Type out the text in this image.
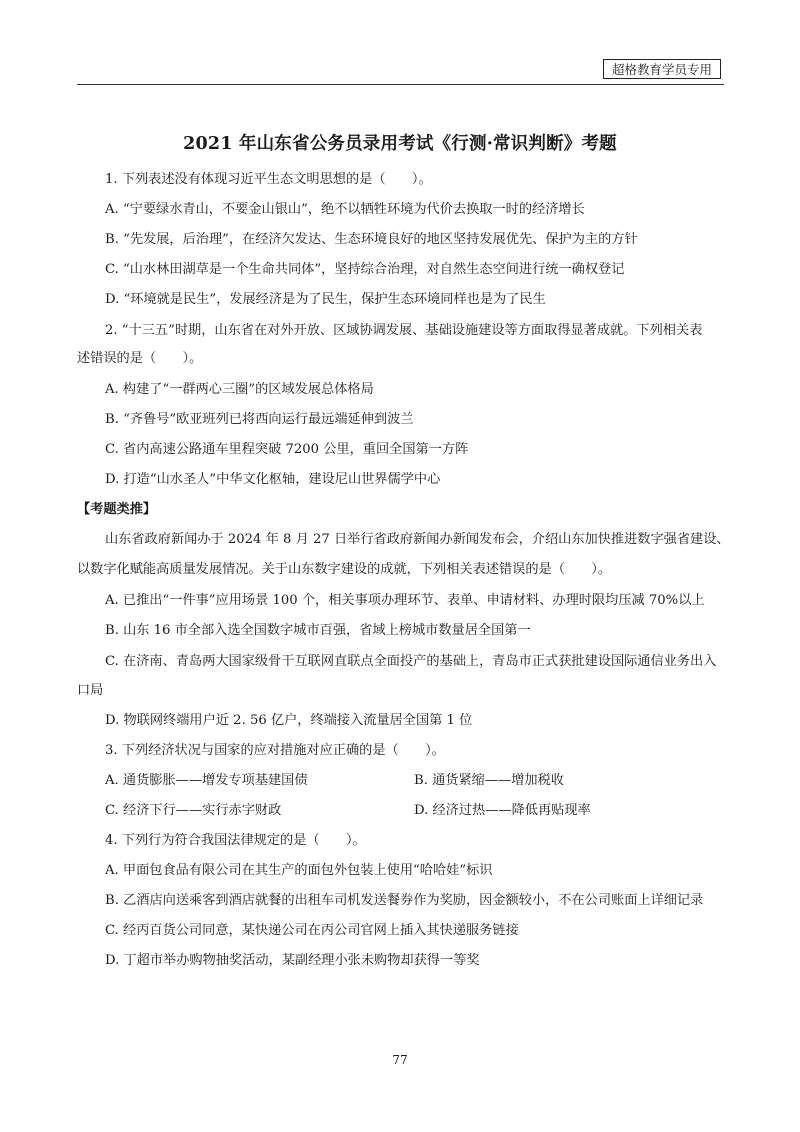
超格教育学员专用
2021 年山东省公务员录用考试《行测·常识判断》考题
1. 下列表述没有体现习近平生态文明思想的是（　　）。
A. “宁要绿水青山，不要金山银山”，绝不以牺牲环境为代价去换取一时的经济增长
B. “先发展，后治理”，在经济欠发达、生态环境良好的地区坚持发展优先、保护为主的方针
C. “山水林田湖草是一个生命共同体”，坚持综合治理，对自然生态空间进行统一确权登记
D. “环境就是民生”，发展经济是为了民生，保护生态环境同样也是为了民生
2. “十三五”时期，山东省在对外开放、区域协调发展、基础设施建设等方面取得显著成就。下列相关表
述错误的是（　　）。
A. 构建了“一群两心三圈”的区域发展总体格局
B. “齐鲁号”欧亚班列已将西向运行最远端延伸到波兰
C. 省内高速公路通车里程突破 7200 公里，重回全国第一方阵
D. 打造“山水圣人”中华文化枢轴，建设尼山世界儒学中心
【考题类推】
山东省政府新闻办于 2024 年 8 月 27 日举行省政府新闻办新闻发布会，介绍山东加快推进数字强省建设、
以数字化赋能高质量发展情况。关于山东数字建设的成就，下列相关表述错误的是（　　）。
A. 已推出“一件事”应用场景 100 个，相关事项办理环节、表单、申请材料、办理时限均压减 70%以上
B. 山东 16 市全部入选全国数字城市百强，省域上榜城市数量居全国第一
C. 在济南、青岛两大国家级骨干互联网直联点全面投产的基础上，青岛市正式获批建设国际通信业务出入
口局
D. 物联网终端用户近 2. 56 亿户，终端接入流量居全国第 1 位
3. 下列经济状况与国家的应对措施对应正确的是（　　）。
A. 通货膨胀——增发专项基建国债	B. 通货紧缩——增加税收
C. 经济下行——实行赤字财政	D. 经济过热——降低再贴现率
4. 下列行为符合我国法律规定的是（　　）。
A. 甲面包食品有限公司在其生产的面包外包装上使用“哈哈娃”标识
B. 乙酒店向送乘客到酒店就餐的出租车司机发送餐券作为奖励，因金额较小，不在公司账面上详细记录
C. 经丙百货公司同意，某快递公司在丙公司官网上插入其快递服务链接
D. 丁超市举办购物抽奖活动，某副经理小张未购物却获得一等奖
77
